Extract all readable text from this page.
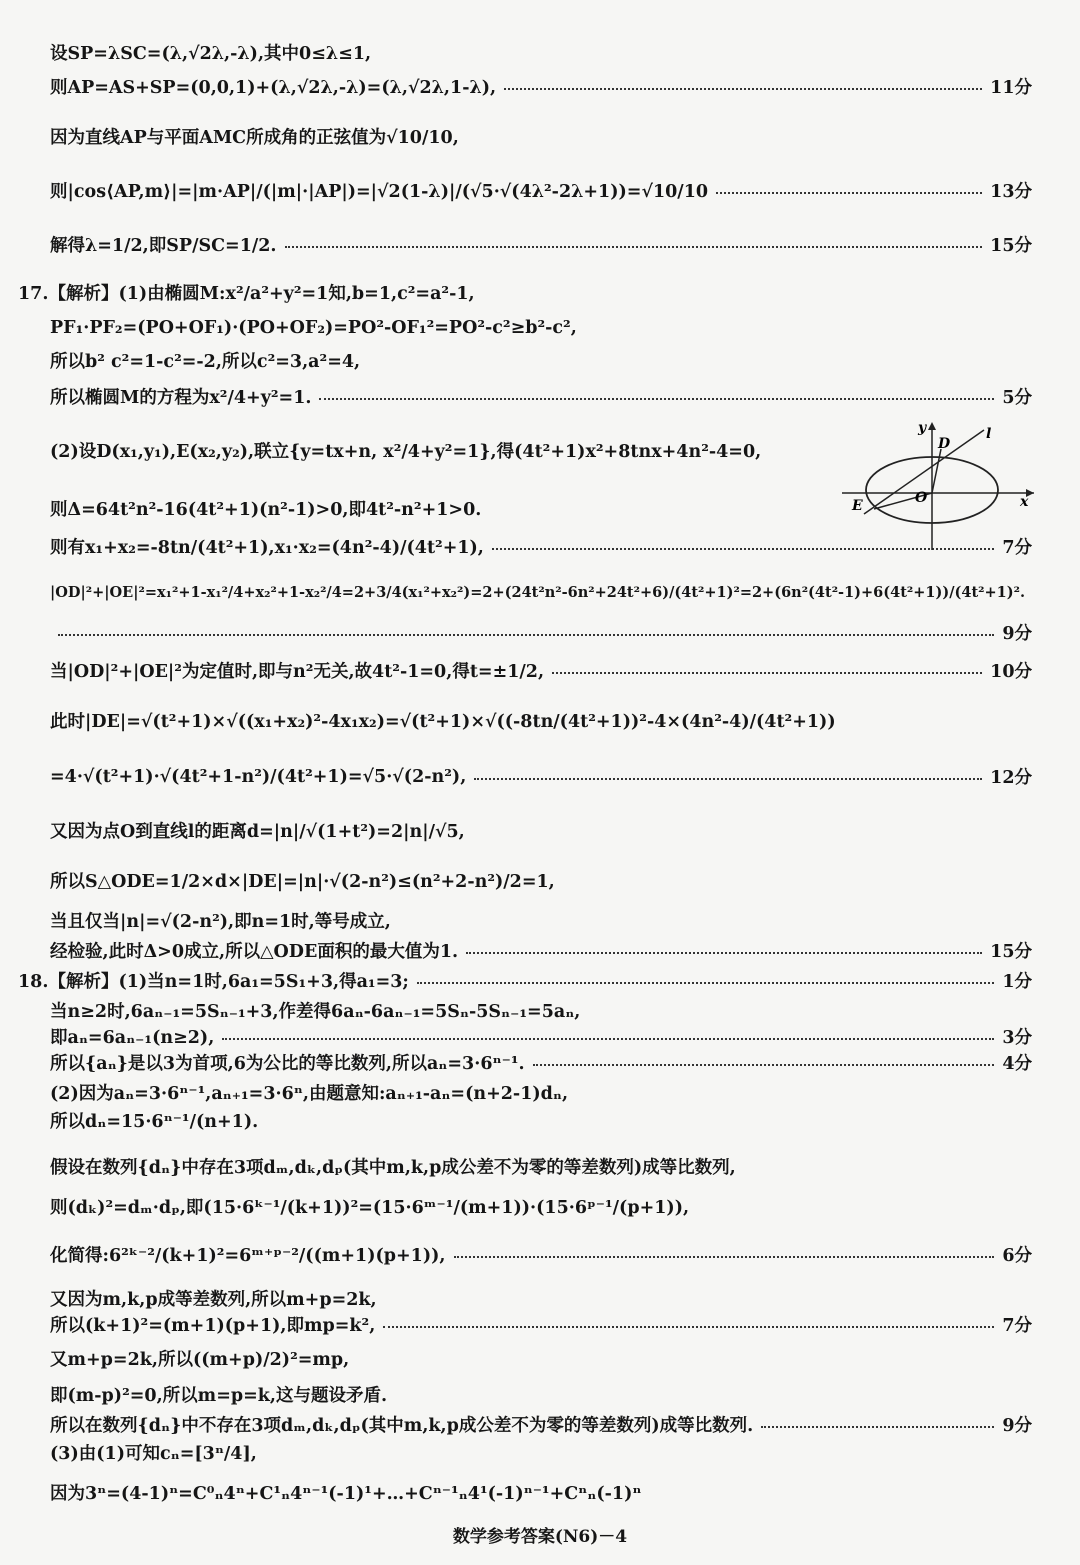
设SP=λSC=(λ,√2λ,-λ),其中0≤λ≤1,
则AP=AS+SP=(0,0,1)+(λ,√2λ,-λ)=(λ,√2λ,1-λ),	11分
因为直线AP与平面AMC所成角的正弦值为√10/10,
则|cos⟨AP,m⟩|=|m·AP|/(|m|·|AP|)=|√2(1-λ)|/(√5·√(4λ²-2λ+1))=√10/10	13分
解得λ=1/2,即SP/SC=1/2.	15分
17.【解析】(1)由椭圆M:x²/a²+y²=1知,b=1,c²=a²-1,
PF₁·PF₂=(PO+OF₁)·(PO+OF₂)=PO²-OF₁²=PO²-c²≥b²-c²,
所以b² c²=1-c²=-2,所以c²=3,a²=4,
所以椭圆M的方程为x²/4+y²=1.	5分
(2)设D(x₁,y₁),E(x₂,y₂),联立{y=tx+n, x²/4+y²=1},得(4t²+1)x²+8tnx+4n²-4=0,
则Δ=64t²n²-16(4t²+1)(n²-1)>0,即4t²-n²+1>0.
则有x₁+x₂=-8tn/(4t²+1),x₁·x₂=(4n²-4)/(4t²+1),	7分
|OD|²+|OE|²=x₁²+1-x₁²/4+x₂²+1-x₂²/4=2+3/4(x₁²+x₂²)=2+(24t²n²-6n²+24t²+6)/(4t²+1)²=2+(6n²(4t²-1)+6(4t²+1))/(4t²+1)².
9分
当|OD|²+|OE|²为定值时,即与n²无关,故4t²-1=0,得t=±1/2,	10分
此时|DE|=√(t²+1)×√((x₁+x₂)²-4x₁x₂)=√(t²+1)×√((-8tn/(4t²+1))²-4×(4n²-4)/(4t²+1))
=4·√(t²+1)·√(4t²+1-n²)/(4t²+1)=√5·√(2-n²),	12分
又因为点O到直线l的距离d=|n|/√(1+t²)=2|n|/√5,
所以S△ODE=1/2×d×|DE|=|n|·√(2-n²)≤(n²+2-n²)/2=1,
当且仅当|n|=√(2-n²),即n=1时,等号成立,
经检验,此时Δ>0成立,所以△ODE面积的最大值为1.	15分
18.【解析】(1)当n=1时,6a₁=5S₁+3,得a₁=3;	1分
当n≥2时,6aₙ₋₁=5Sₙ₋₁+3,作差得6aₙ-6aₙ₋₁=5Sₙ-5Sₙ₋₁=5aₙ,
即aₙ=6aₙ₋₁(n≥2),	3分
所以{aₙ}是以3为首项,6为公比的等比数列,所以aₙ=3·6ⁿ⁻¹.	4分
(2)因为aₙ=3·6ⁿ⁻¹,aₙ₊₁=3·6ⁿ,由题意知:aₙ₊₁-aₙ=(n+2-1)dₙ,
所以dₙ=15·6ⁿ⁻¹/(n+1).
假设在数列{dₙ}中存在3项dₘ,dₖ,dₚ(其中m,k,p成公差不为零的等差数列)成等比数列,
则(dₖ)²=dₘ·dₚ,即(15·6ᵏ⁻¹/(k+1))²=(15·6ᵐ⁻¹/(m+1))·(15·6ᵖ⁻¹/(p+1)),
化简得:6²ᵏ⁻²/(k+1)²=6ᵐ⁺ᵖ⁻²/((m+1)(p+1)),	6分
又因为m,k,p成等差数列,所以m+p=2k,
所以(k+1)²=(m+1)(p+1),即mp=k²,	7分
又m+p=2k,所以((m+p)/2)²=mp,
即(m-p)²=0,所以m=p=k,这与题设矛盾.
所以在数列{dₙ}中不存在3项dₘ,dₖ,dₚ(其中m,k,p成公差不为零的等差数列)成等比数列.	9分
(3)由(1)可知cₙ=[3ⁿ/4],
因为3ⁿ=(4-1)ⁿ=C⁰ₙ4ⁿ+C¹ₙ4ⁿ⁻¹(-1)¹+…+Cⁿ⁻¹ₙ4¹(-1)ⁿ⁻¹+Cⁿₙ(-1)ⁿ
y
x
D
E	O
l
数学参考答案(N6)－4
